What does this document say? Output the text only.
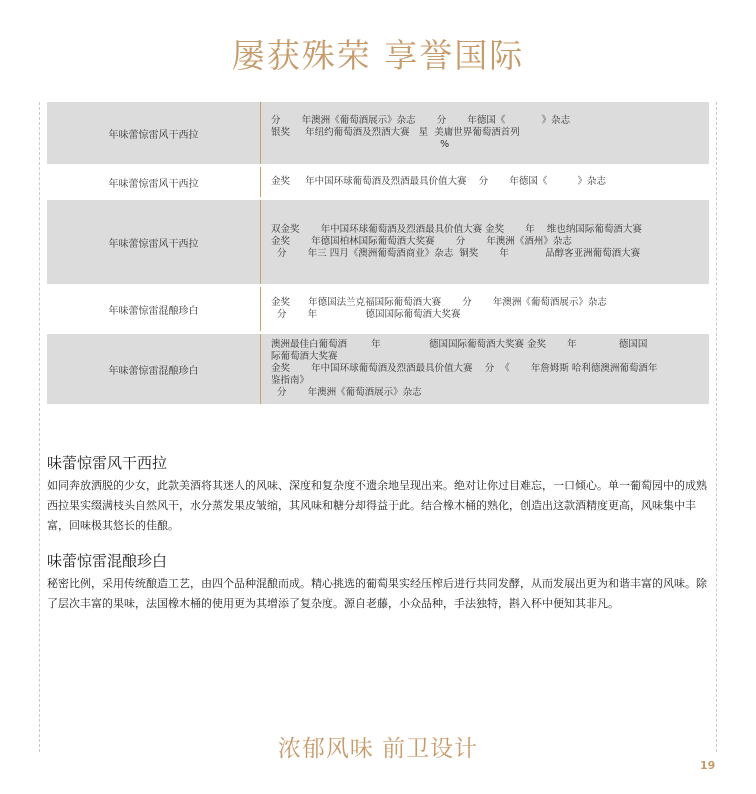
屡获殊荣 享誉国际
年味蕾惊雷风干西拉	分       年澳洲《葡萄酒展示》杂志       分       年德国《            》杂志
银奖     年纽约葡萄酒及烈酒大赛   星  美庸世界葡萄酒首列
%

年味蕾惊雷风干西拉	金奖     年中国环球葡萄酒及烈酒最具价值大赛    分       年德国《          》杂志

年味蕾惊雷风干西拉	双金奖       年中国环球葡萄酒及烈酒最具价值大赛 金奖       年    维也纳国际葡萄酒大赛
金奖       年德国柏林国际葡萄酒大奖赛       分       年澳洲《酒州》杂志
分       年三 四月《澳洲葡萄酒商业》杂志  铜奖       年            品醇客亚洲葡萄酒大赛

年味蕾惊雷混酿珍白	金奖      年德国法兰克福国际葡萄酒大赛       分       年澳洲《葡萄酒展示》杂志
分       年                德国国际葡萄酒大奖赛

年味蕾惊雷混酿珍白	澳洲最佳白葡萄酒        年                德国国际葡萄酒大奖赛 金奖       年              德国国
际葡萄酒大奖赛
金奖       年中国环球葡萄酒及烈酒最具价值大赛    分  《       年詹姆斯 哈利德澳洲葡萄酒年
鉴指南》
分       年澳洲《葡萄酒展示》杂志
味蕾惊雷风干西拉
如同奔放洒脱的少女，此款美酒将其迷人的风味、深度和复杂度不遗余地呈现出来。绝对让你过目难忘，一口倾心。单一葡萄园中的成熟西拉果实缀满枝头自然风干，水分蒸发果皮皱缩，其风味和糖分却得益于此。结合橡木桶的熟化，创造出这款酒精度更高，风味集中丰富，回味极其悠长的佳酿。
味蕾惊雷混酿珍白
秘密比例，采用传统酿造工艺，由四个品种混酿而成。精心挑选的葡萄果实经压榨后进行共同发酵，从而发展出更为和谐丰富的风味。除了层次丰富的果味，法国橡木桶的使用更为其增添了复杂度。源自老藤，小众品种，手法独特，斟入杯中便知其非凡。
浓郁风味 前卫设计
19
